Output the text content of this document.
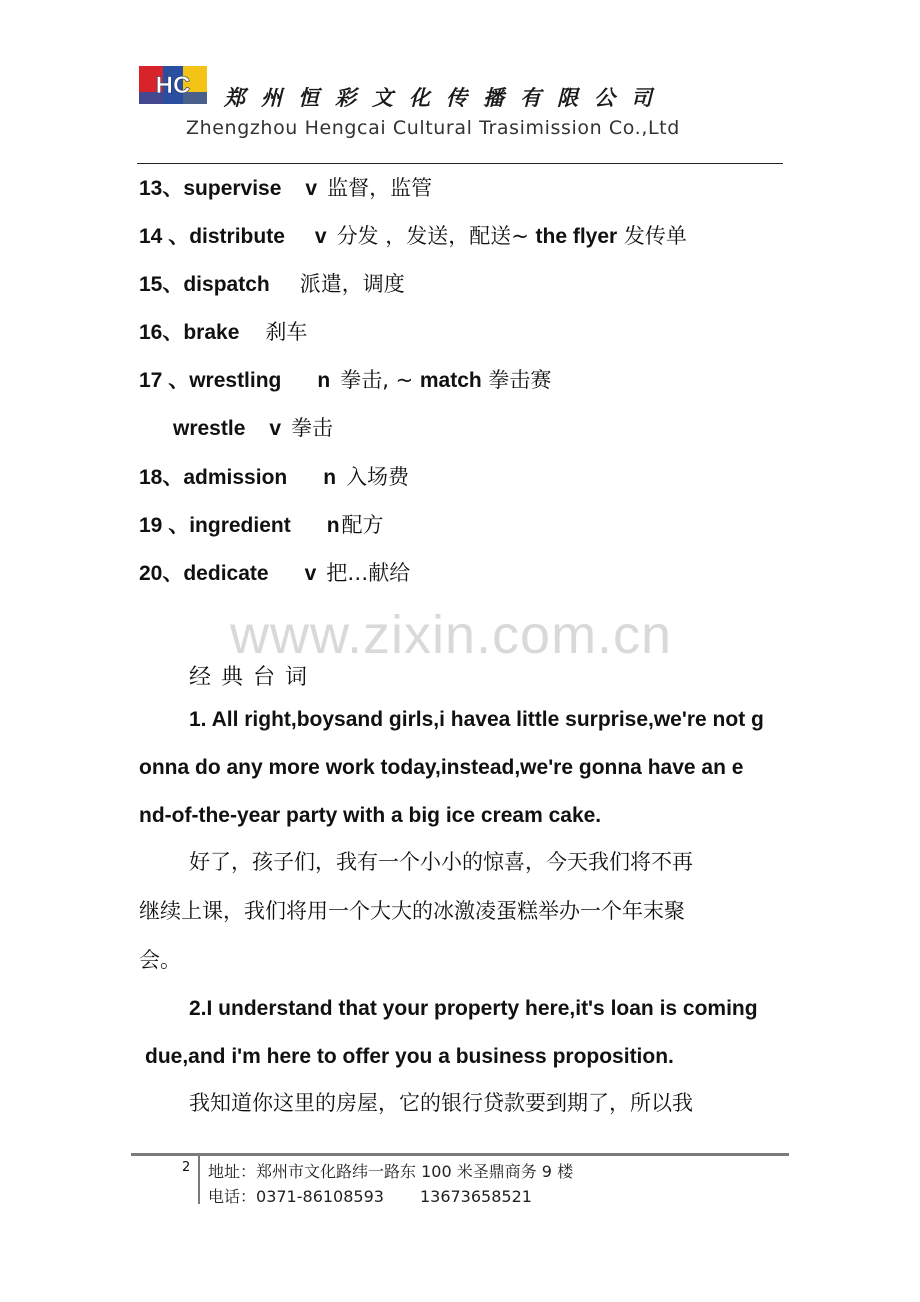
HC 郑州恒彩文化传播有限公司
Zhengzhou Hengcai Cultural Trasimission Co.,Ltd
13、supervise v 监督，监管
14 、distribute v 分发 ，发送，配送~ the flyer 发传单
15、dispatch 派遣，调度
16、brake 刹车
17 、wrestling n 拳击, ~ match 拳击赛
wrestle v 拳击
18、admission n 入场费
19 、ingredient n配方
20、dedicate v 把…献给
www.zixin.com.cn
经典台词
1. All right,boysand girls,i havea little surprise,we're not g
onna do any more work today,instead,we're gonna have an e
nd-of-the-year party with a big ice cream cake.
好了，孩子们，我有一个小小的惊喜，今天我们将不再
继续上课，我们将用一个大大的冰激凌蛋糕举办一个年末聚
会。
2.I understand that your property here,it's loan is coming
due,and i'm here to offer you a business proposition.
我知道你这里的房屋，它的银行贷款要到期了，所以我
2 地址：郑州市文化路纬一路东 100 米圣鼎商务 9 楼
电话：0371-86108593 13673658521
